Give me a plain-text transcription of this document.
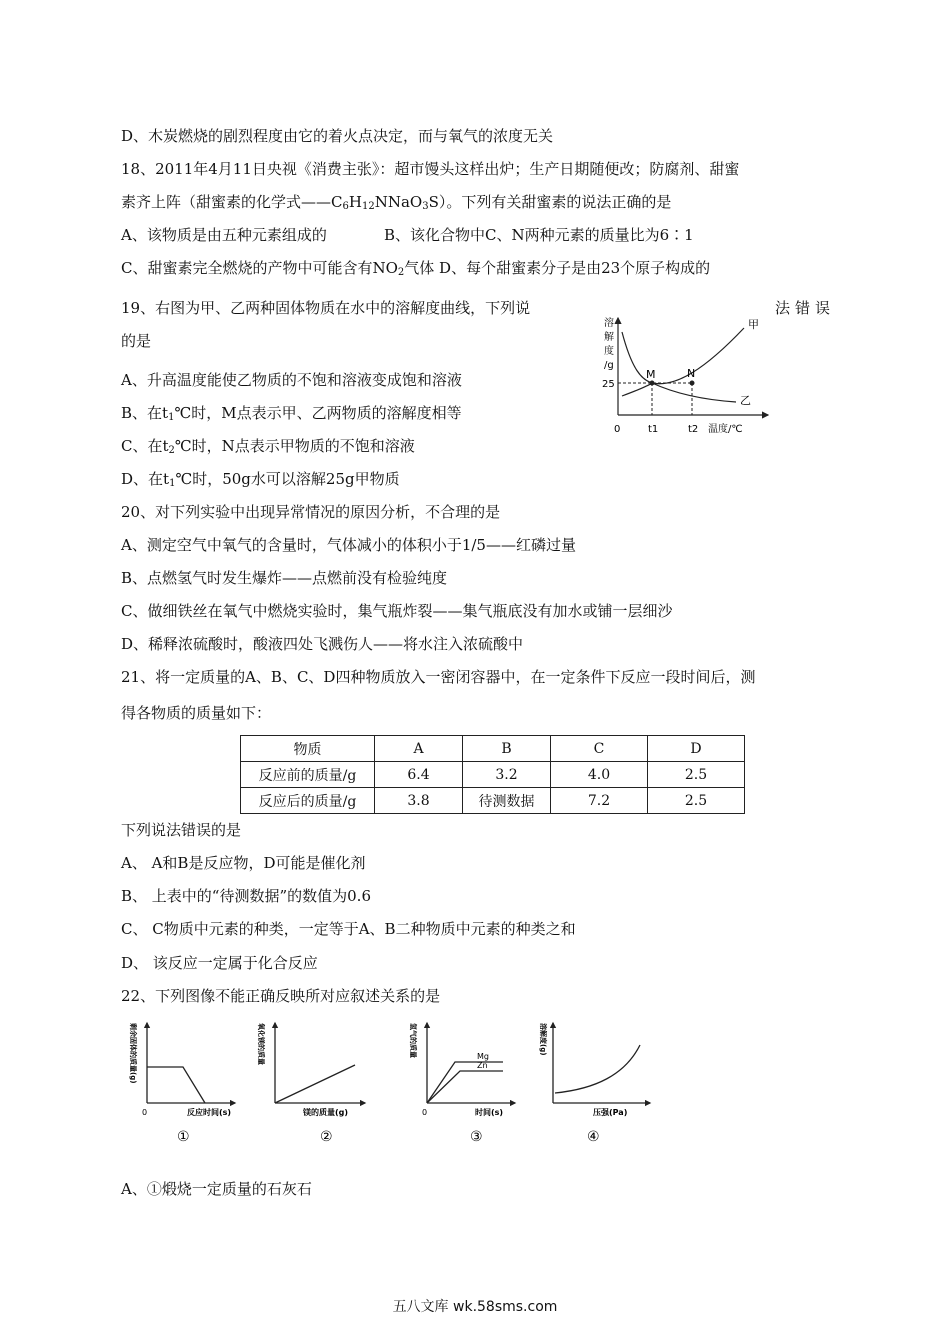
D、木炭燃烧的剧烈程度由它的着火点决定，而与氧气的浓度无关
18、2011年4月11日央视《消费主张》：超市馒头这样出炉；生产日期随便改；防腐剂、甜蜜
素齐上阵（甜蜜素的化学式$——C_6H_{12}NNaO_3S$）。下列有关甜蜜素的说法正确的是
A、该物质是由五种元素组成的	B、该化合物中C、N两种元素的质量比为6∶1
C、甜蜜素完全燃烧的产物中可能含有$NO_2$气体 D、每个甜蜜素分子是由23个原子构成的
19、右图为甲、乙两种固体物质在水中的溶解度曲线，下列说	法错误
的是
A、升高温度能使乙物质的不饱和溶液变成饱和溶液
B、在$t_1℃$时，M点表示甲、乙两物质的溶解度相等
C、在$t_2℃$时，N点表示甲物质的不饱和溶液
D、在$t_1℃$时，50g水可以溶解25g甲物质
20、对下列实验中出现异常情况的原因分析，不合理的是
A、测定空气中氧气的含量时，气体减小的体积小于1/5——红磷过量
B、点燃氢气时发生爆炸——点燃前没有检验纯度
C、做细铁丝在氧气中燃烧实验时，集气瓶炸裂——集气瓶底没有加水或铺一层细沙
D、稀释浓硫酸时，酸液四处飞溅伤人——将水注入浓硫酸中
21、将一定质量的A、B、C、D四种物质放入一密闭容器中，在一定条件下反应一段时间后，测
得各物质的质量如下：
物质	A	B	C	D
反应前的质量/g	6.4	3.2	4.0	2.5
反应后的质量/g	3.8	待测数据	7.2	2.5
下列说法错误的是
A、 A和B是反应物，D可能是催化剂
B、 上表中的“待测数据”的数值为0.6
C、 C物质中元素的种类，一定等于A、B二种物质中元素的种类之和
D、 该反应一定属于化合反应
22、下列图像不能正确反映所对应叙述关系的是
溶
解
度
/g
甲
乙
M	N
25
0	t1	t2 温度/℃
剩余固体的质量(g)
0	反应时间(s)
①
氧化镁的质量
镁的质量(g)
②
Mg
Zn
氢气的质量
0	时间(s)
③
溶解度(g)
压强(Pa)
④
A、①煅烧一定质量的石灰石
五八文库 wk.58sms.com
